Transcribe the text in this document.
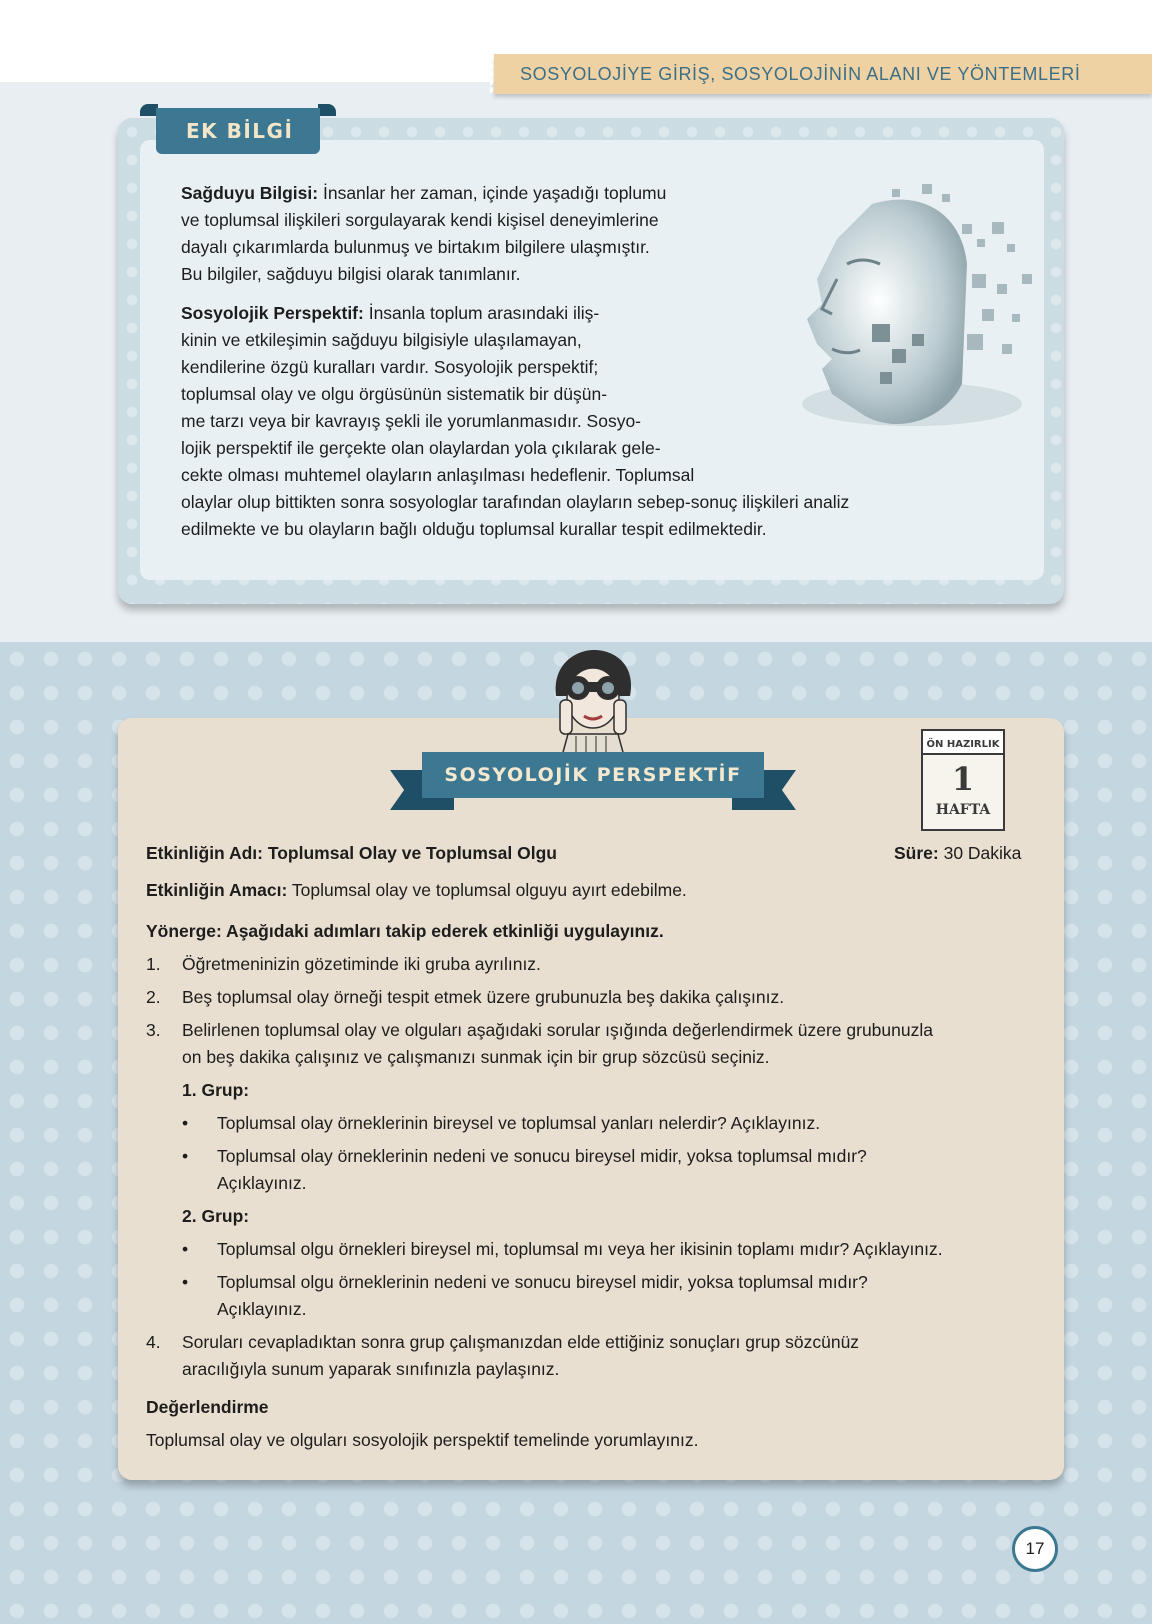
SOSYOLOJİYE GİRİŞ, SOSYOLOJİNİN ALANI VE YÖNTEMLERİ
EK BİLGİ
Sağduyu Bilgisi: İnsanlar her zaman, içinde yaşadığı toplumu
ve toplumsal ilişkileri sorgulayarak kendi kişisel deneyimlerine
dayalı çıkarımlarda bulunmuş ve birtakım bilgilere ulaşmıştır.
Bu bilgiler, sağduyu bilgisi olarak tanımlanır.
Sosyolojik Perspektif: İnsanla toplum arasındaki iliş-
kinin ve etkileşimin sağduyu bilgisiyle ulaşılamayan,
kendilerine özgü kuralları vardır. Sosyolojik perspektif;
toplumsal olay ve olgu örgüsünün sistematik bir düşün-
me tarzı veya bir kavrayış şekli ile yorumlanmasıdır. Sosyo-
lojik perspektif ile gerçekte olan olaylardan yola çıkılarak gele-
cekte olması muhtemel olayların anlaşılması hedeflenir. Toplumsal
olaylar olup bittikten sonra sosyologlar tarafından olayların sebep-sonuç ilişkileri analiz
edilmekte ve bu olayların bağlı olduğu toplumsal kurallar tespit edilmektedir.
SOSYOLOJİK PERSPEKTİF
ÖN HAZIRLIK
1
HAFTA
Etkinliğin Adı: Toplumsal Olay ve Toplumsal Olgu	Süre: 30 Dakika
Etkinliğin Amacı: Toplumsal olay ve toplumsal olguyu ayırt edebilme.
Yönerge: Aşağıdaki adımları takip ederek etkinliği uygulayınız.
1. Öğretmeninizin gözetiminde iki gruba ayrılınız.
2. Beş toplumsal olay örneği tespit etmek üzere grubunuzla beş dakika çalışınız.
3. Belirlenen toplumsal olay ve olguları aşağıdaki sorular ışığında değerlendirmek üzere grubunuzla
on beş dakika çalışınız ve çalışmanızı sunmak için bir grup sözcüsü seçiniz.
1. Grup:
• Toplumsal olay örneklerinin bireysel ve toplumsal yanları nelerdir? Açıklayınız.
• Toplumsal olay örneklerinin nedeni ve sonucu bireysel midir, yoksa toplumsal mıdır?
Açıklayınız.
2. Grup:
• Toplumsal olgu örnekleri bireysel mi, toplumsal mı veya her ikisinin toplamı mıdır? Açıklayınız.
• Toplumsal olgu örneklerinin nedeni ve sonucu bireysel midir, yoksa toplumsal mıdır?
Açıklayınız.
4. Soruları cevapladıktan sonra grup çalışmanızdan elde ettiğiniz sonuçları grup sözcünüz
aracılığıyla sunum yaparak sınıfınızla paylaşınız.
Değerlendirme
Toplumsal olay ve olguları sosyolojik perspektif temelinde yorumlayınız.
17
